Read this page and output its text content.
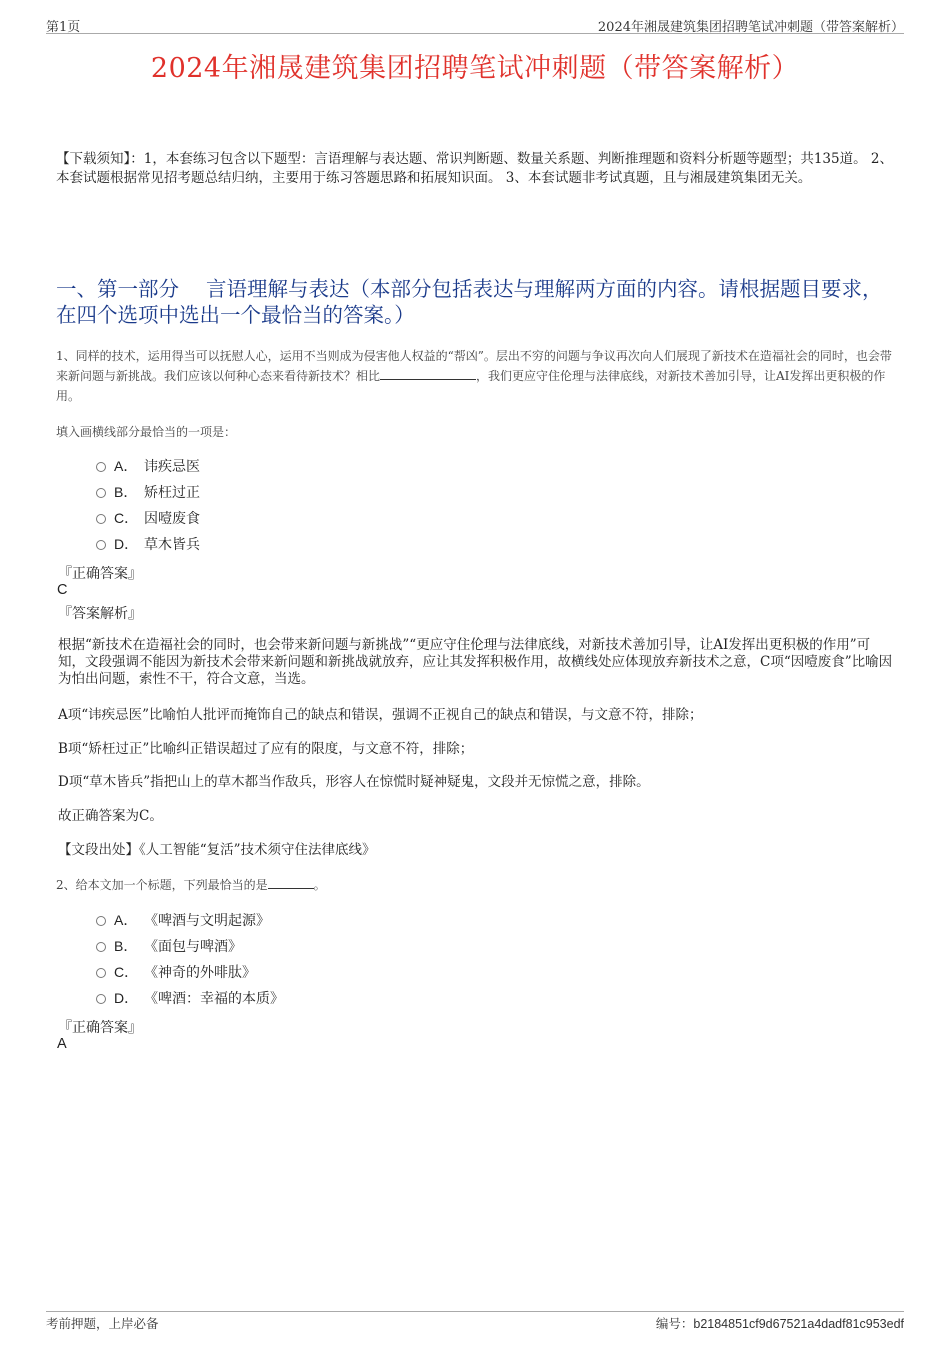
第1页	2024年湘晟建筑集团招聘笔试冲刺题（带答案解析）
2024年湘晟建筑集团招聘笔试冲刺题（带答案解析）
【下载须知】：1，本套练习包含以下题型：言语理解与表达题、常识判断题、数量关系题、判断推理题和资料分析题等题型；共135道。 2、本套试题根据常见招考题总结归纳，主要用于练习答题思路和拓展知识面。 3、本套试题非考试真题，且与湘晟建筑集团无关。
一、第一部分　 言语理解与表达（本部分包括表达与理解两方面的内容。请根据题目要求，在四个选项中选出一个最恰当的答案。）
1、同样的技术，运用得当可以抚慰人心，运用不当则成为侵害他人权益的“帮凶”。层出不穷的问题与争议再次向人们展现了新技术在造福社会的同时，也会带来新问题与新挑战。我们应该以何种心态来看待新技术？相比	，我们更应守住伦理与法律底线，对新技术善加引导，让AI发挥出更积极的作用。
填入画横线部分最恰当的一项是：
A． 讳疾忌医
B． 矫枉过正
C． 因噎废食
D． 草木皆兵
『正确答案』
C
『答案解析』
根据“新技术在造福社会的同时，也会带来新问题与新挑战”“更应守住伦理与法律底线，对新技术善加引导，让AI发挥出更积极的作用”可知，文段强调不能因为新技术会带来新问题和新挑战就放弃，应让其发挥积极作用，故横线处应体现放弃新技术之意，C项“因噎废食”比喻因为怕出问题，索性不干，符合文意，当选。
A项“讳疾忌医”比喻怕人批评而掩饰自己的缺点和错误，强调不正视自己的缺点和错误，与文意不符，排除；
B项“矫枉过正”比喻纠正错误超过了应有的限度，与文意不符，排除；
D项“草木皆兵”指把山上的草木都当作敌兵，形容人在惊慌时疑神疑鬼，文段并无惊慌之意，排除。
故正确答案为C。
【文段出处】《人工智能“复活”技术须守住法律底线》
2、给本文加一个标题，下列最恰当的是	。
A． 《啤酒与文明起源》
B． 《面包与啤酒》
C． 《神奇的外啡肽》
D． 《啤酒：幸福的本质》
『正确答案』
A
考前押题，上岸必备	编号：b2184851cf9d67521a4dadf81c953edf
